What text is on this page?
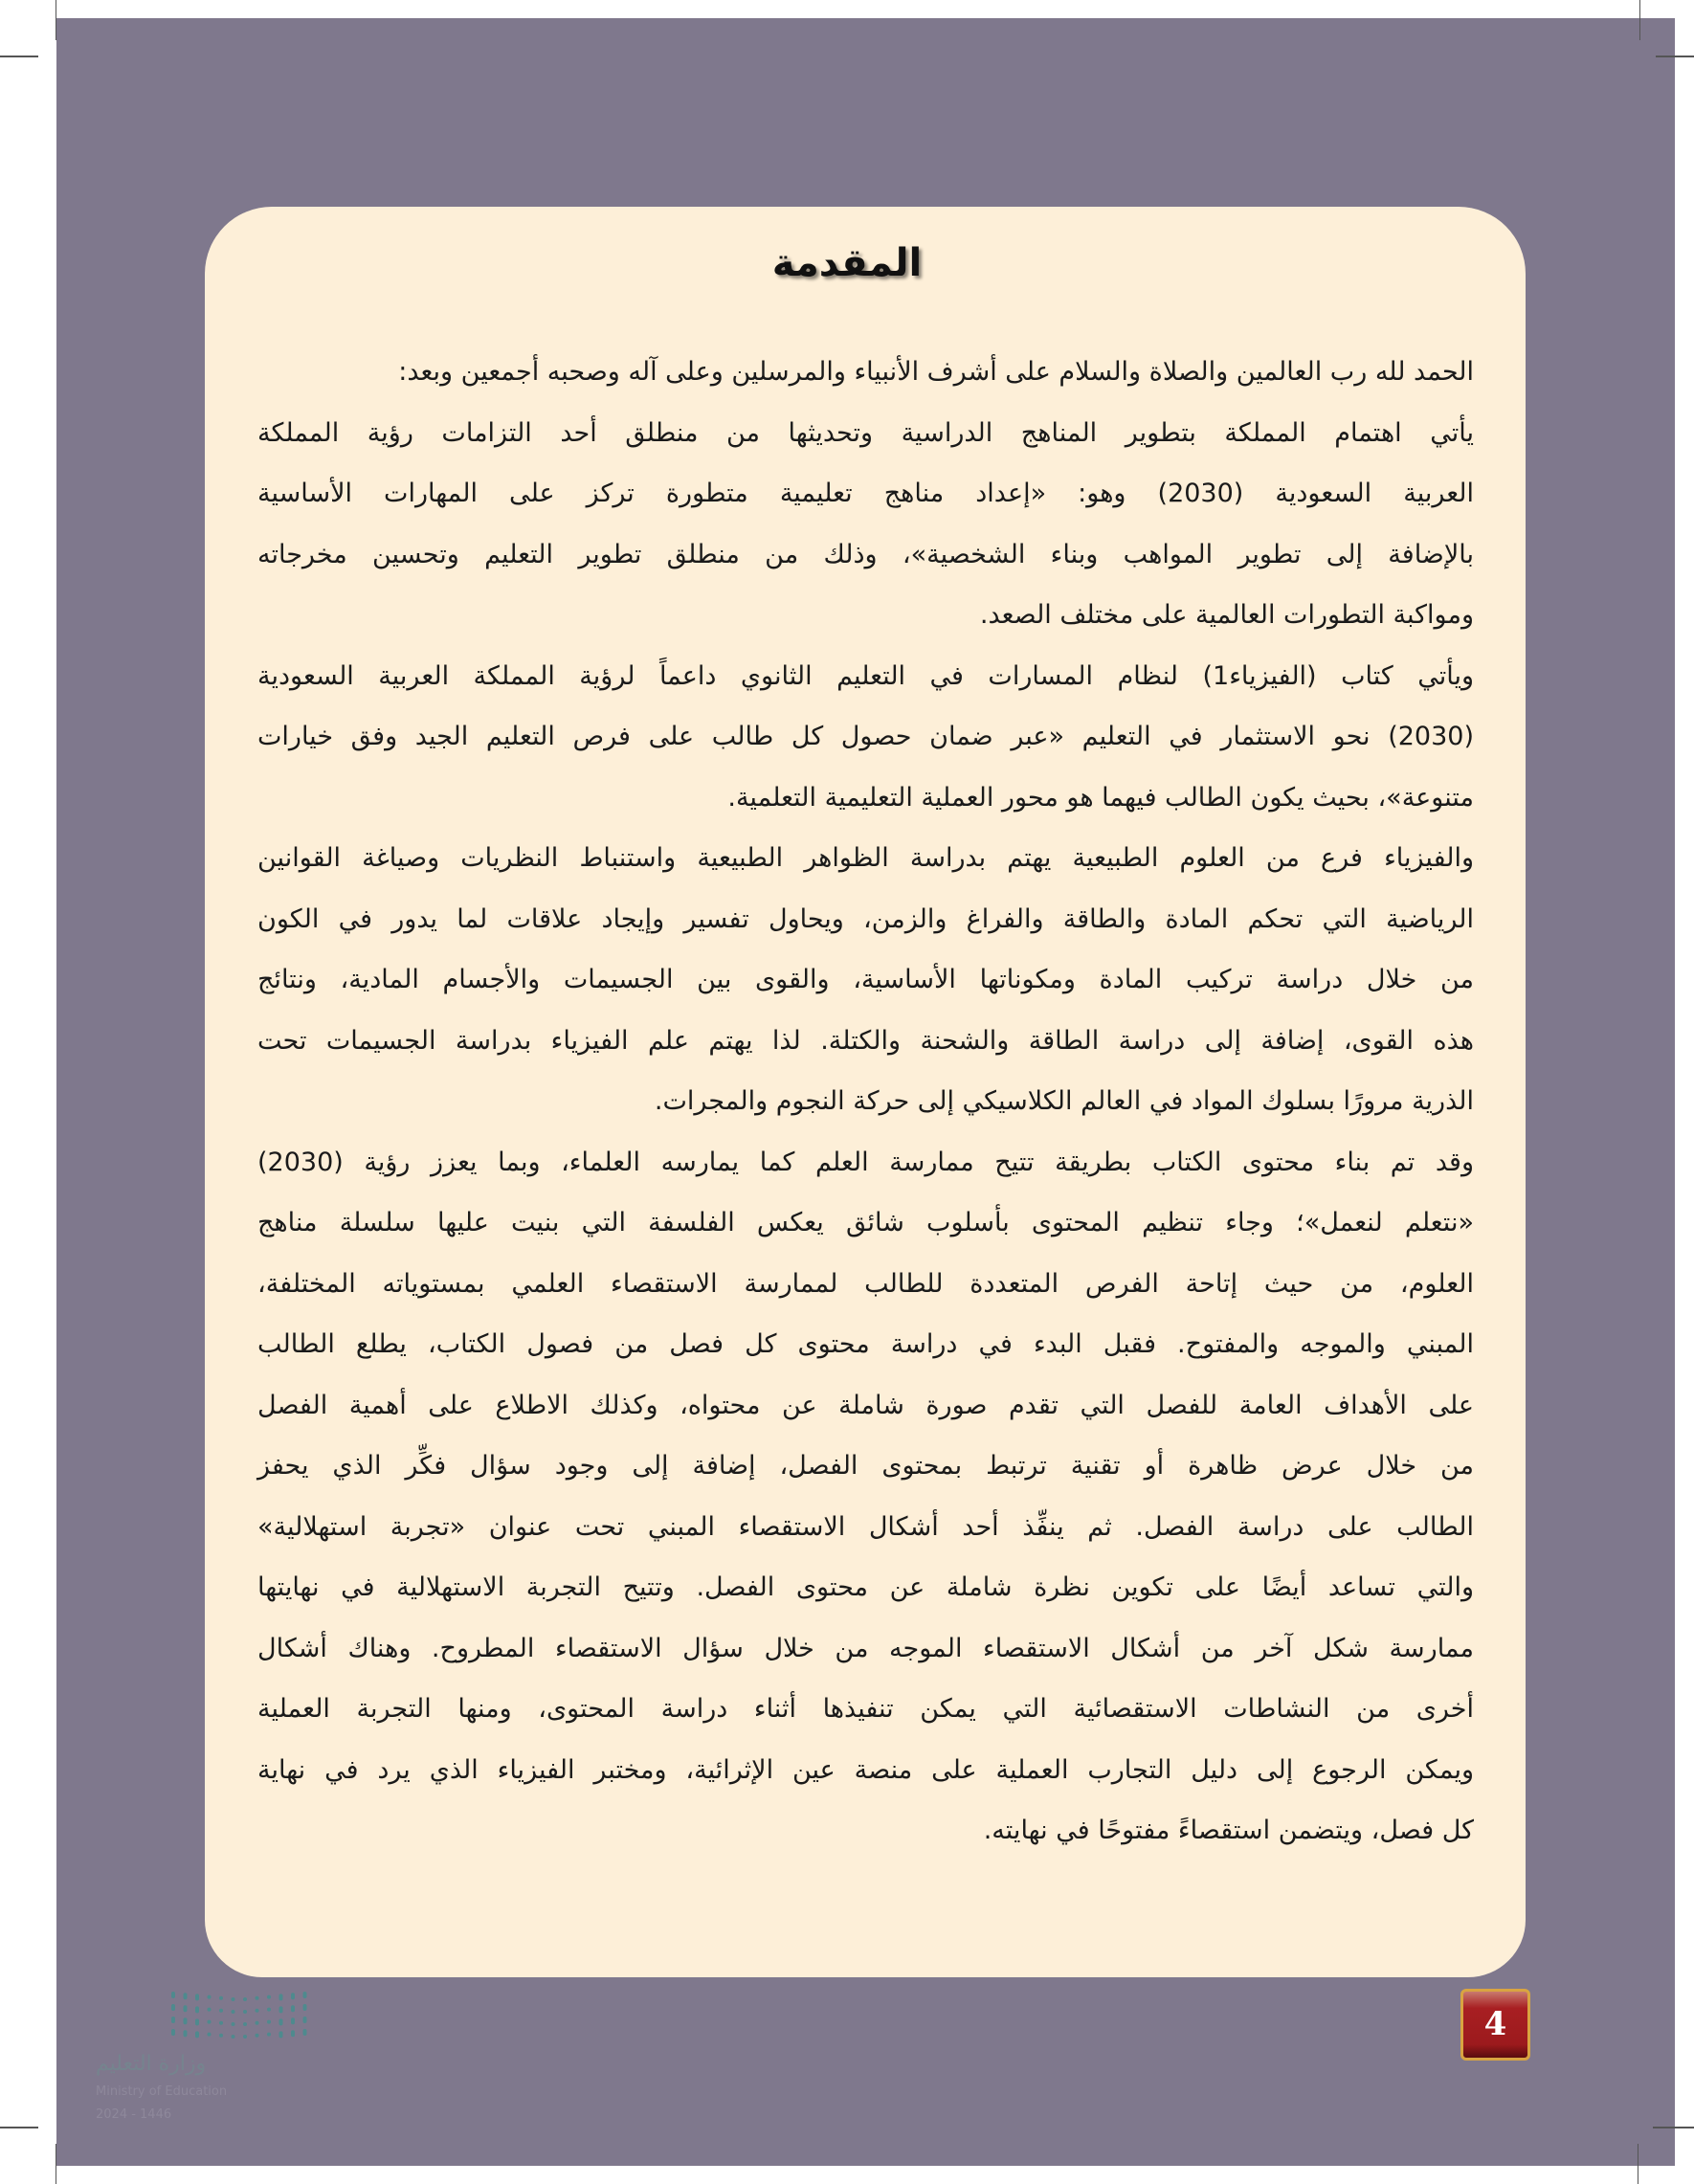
المقدمة
الحمد لله رب العالمين والصلاة والسلام على أشرف الأنبياء والمرسلين وعلى آله وصحبه أجمعين وبعد:
يأتي اهتمام المملكة بتطوير المناهج الدراسية وتحديثها من منطلق أحد التزامات رؤية المملكة
العربية السعودية (2030) وهو: «إعداد مناهج تعليمية متطورة تركز على المهارات الأساسية
بالإضافة إلى تطوير المواهب وبناء الشخصية»، وذلك من منطلق تطوير التعليم وتحسين مخرجاته
ومواكبة التطورات العالمية على مختلف الصعد.
ويأتي كتاب (الفيزياء1) لنظام المسارات في التعليم الثانوي داعماً لرؤية المملكة العربية السعودية
(2030) نحو الاستثمار في التعليم «عبر ضمان حصول كل طالب على فرص التعليم الجيد وفق خيارات
متنوعة»، بحيث يكون الطالب فيهما هو محور العملية التعليمية التعلمية.
والفيزياء فرع من العلوم الطبيعية يهتم بدراسة الظواهر الطبيعية واستنباط النظريات وصياغة القوانين
الرياضية التي تحكم المادة والطاقة والفراغ والزمن، ويحاول تفسير وإيجاد علاقات لما يدور في الكون
من خلال دراسة تركيب المادة ومكوناتها الأساسية، والقوى بين الجسيمات والأجسام المادية، ونتائج
هذه القوى، إضافة إلى دراسة الطاقة والشحنة والكتلة. لذا يهتم علم الفيزياء بدراسة الجسيمات تحت
الذرية مرورًا بسلوك المواد في العالم الكلاسيكي إلى حركة النجوم والمجرات.
وقد تم بناء محتوى الكتاب بطريقة تتيح ممارسة العلم كما يمارسه العلماء، وبما يعزز رؤية (2030)
«نتعلم لنعمل»؛ وجاء تنظيم المحتوى بأسلوب شائق يعكس الفلسفة التي بنيت عليها سلسلة مناهج
العلوم، من حيث إتاحة الفرص المتعددة للطالب لممارسة الاستقصاء العلمي بمستوياته المختلفة،
المبني والموجه والمفتوح. فقبل البدء في دراسة محتوى كل فصل من فصول الكتاب، يطلع الطالب
على الأهداف العامة للفصل التي تقدم صورة شاملة عن محتواه، وكذلك الاطلاع على أهمية الفصل
من خلال عرض ظاهرة أو تقنية ترتبط بمحتوى الفصل، إضافة إلى وجود سؤال فكِّر الذي يحفز
الطالب على دراسة الفصل. ثم ينفِّذ أحد أشكال الاستقصاء المبني تحت عنوان «تجربة استهلالية»
والتي تساعد أيضًا على تكوين نظرة شاملة عن محتوى الفصل. وتتيح التجربة الاستهلالية في نهايتها
ممارسة شكل آخر من أشكال الاستقصاء الموجه من خلال سؤال الاستقصاء المطروح. وهناك أشكال
أخرى من النشاطات الاستقصائية التي يمكن تنفيذها أثناء دراسة المحتوى، ومنها التجربة العملية
ويمكن الرجوع إلى دليل التجارب العملية على منصة عين الإثرائية، ومختبر الفيزياء الذي يرد في نهاية
كل فصل، ويتضمن استقصاءً مفتوحًا في نهايته.
وزارة التعليم
Ministry of Education
2024 - 1446
4
